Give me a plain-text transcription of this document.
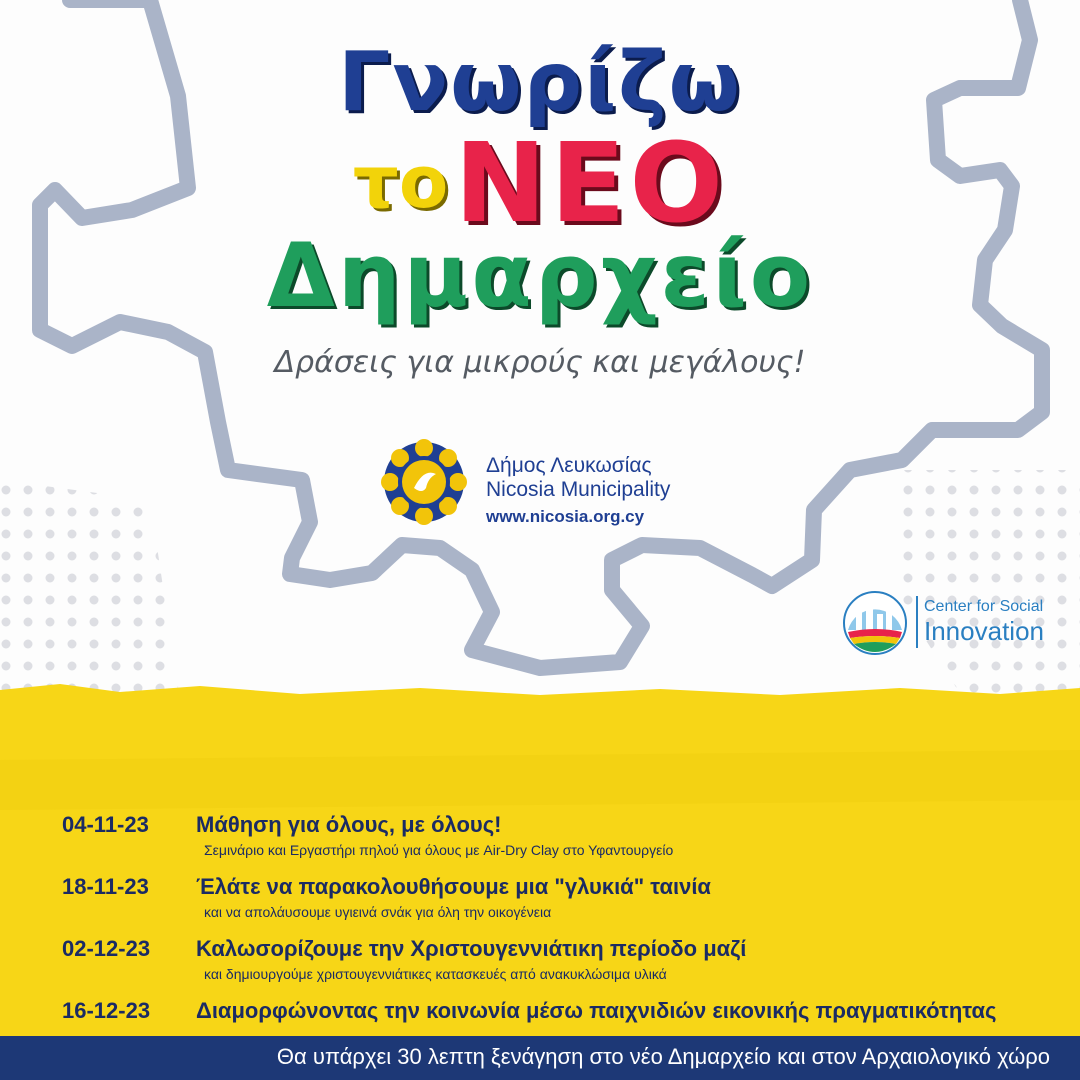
Γνωρίζω
τοΝΕΟ
Δημαρχείο
Δράσεις για μικρούς και μεγάλους!
Δήμος Λευκωσίας
Nicosia Municipality
www.nicosia.org.cy
Center for Social
Innovation
04-11-23 Μάθηση για όλους, με όλους!
Σεμινάριο και Εργαστήρι πηλού για όλους με Air-Dry Clay στο Υφαντουργείο
18-11-23 Έλάτε να παρακολουθήσουμε μια "γλυκιά" ταινία
και να απολάυσουμε υγιεινά σνάκ για όλη την οικογένεια
02-12-23 Καλωσορίζουμε την Χριστουγεννιάτικη περίοδο μαζί
και δημιουργούμε χριστουγεννιάτικες κατασκευές από ανακυκλώσιμα υλικά
16-12-23 Διαμορφώνοντας την κοινωνία μέσω παιχνιδιών εικονικής πραγματικότητας
Θα υπάρχει 30 λεπτη ξενάγηση στο νέο Δημαρχείο και στον Αρχαιολογικό χώρο
